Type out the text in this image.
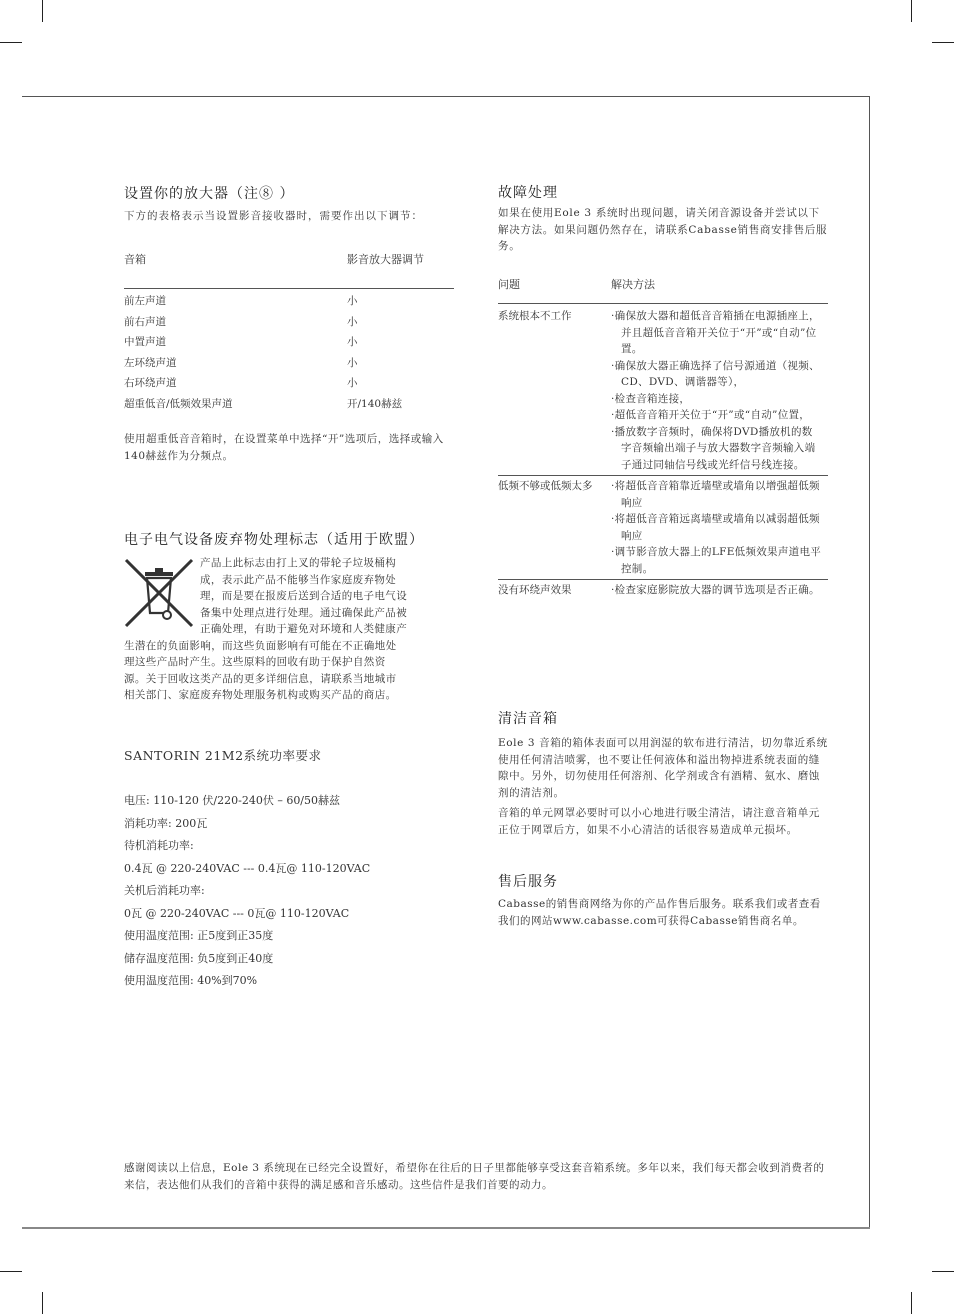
设置你的放大器（注⑧ ）

下方的表格表示当设置影音接收器时，需要作出以下调节：

音箱	影音放大器调节
前左声道	小
前右声道	小
中置声道	小
左环绕声道	小
右环绕声道	小
超重低音/低频效果声道	开/140赫兹

使用超重低音音箱时，在设置菜单中选择“开”选项后，选择或输入140赫兹作为分频点。

电子电气设备废弃物处理标志（适用于欧盟）
产品上此标志由打上叉的带轮子垃圾桶构
成，表示此产品不能够当作家庭废弃物处
理，而是要在报废后送到合适的电子电气设
备集中处理点进行处理。通过确保此产品被
正确处理，有助于避免对环境和人类健康产
生潜在的负面影响，而这些负面影响有可能在不正确地处
理这些产品时产生。这些原料的回收有助于保护自然资
源。关于回收这类产品的更多详细信息，请联系当地城市
相关部门、家庭废弃物处理服务机构或购买产品的商店。
SANTORIN 21M2系统功率要求
电压: 110-120 伏/220-240伏 – 60/50赫兹
消耗功率: 200瓦
待机消耗功率:
0.4瓦 @ 220-240VAC --- 0.4瓦@ 110-120VAC
关机后消耗功率:
0瓦 @ 220-240VAC --- 0瓦@ 110-120VAC
使用温度范围: 正5度到正35度
储存温度范围: 负5度到正40度
使用温度范围: 40%到70%
故障处理

如果在使用Eole 3 系统时出现问题，请关闭音源设备并尝试以下解决方法。如果问题仍然存在，请联系Cabasse销售商安排售后服务。

问题	解决方法
系统根本不工作	·确保放大器和超低音音箱插在电源插座上，并且超低音音箱开关位于“开”或“自动”位置。
·确保放大器正确选择了信号源通道（视频、CD、DVD、调谐器等），
·检查音箱连接，
·超低音音箱开关位于“开”或“自动”位置，
·播放数字音频时，确保将DVD播放机的数字音频输出端子与放大器数字音频输入端子通过同轴信号线或光纤信号线连接。
低频不够或低频太多	·将超低音音箱靠近墙壁或墙角以增强超低频响应
·将超低音音箱远离墙壁或墙角以减弱超低频响应
·调节影音放大器上的LFE低频效果声道电平控制。
没有环绕声效果	·检查家庭影院放大器的调节选项是否正确。
清洁音箱

Eole 3 音箱的箱体表面可以用润湿的软布进行清洁，切勿靠近系统使用任何清洁喷雾，也不要让任何液体和溢出物掉进系统表面的缝隙中。另外，切勿使用任何溶剂、化学剂或含有酒精、氨水、磨蚀剂的清洁剂。

音箱的单元网罩必要时可以小心地进行吸尘清洁，请注意音箱单元正位于网罩后方，如果不小心清洁的话很容易造成单元损坏。

售后服务

Cabasse的销售商网络为你的产品作售后服务。联系我们或者查看我们的网站www.cabasse.com可获得Cabasse销售商名单。

感谢阅读以上信息，Eole 3 系统现在已经完全设置好，希望你在往后的日子里都能够享受这套音箱系统。多年以来，我们每天都会收到消费者的来信，表达他们从我们的音箱中获得的满足感和音乐感动。这些信件是我们首要的动力。
